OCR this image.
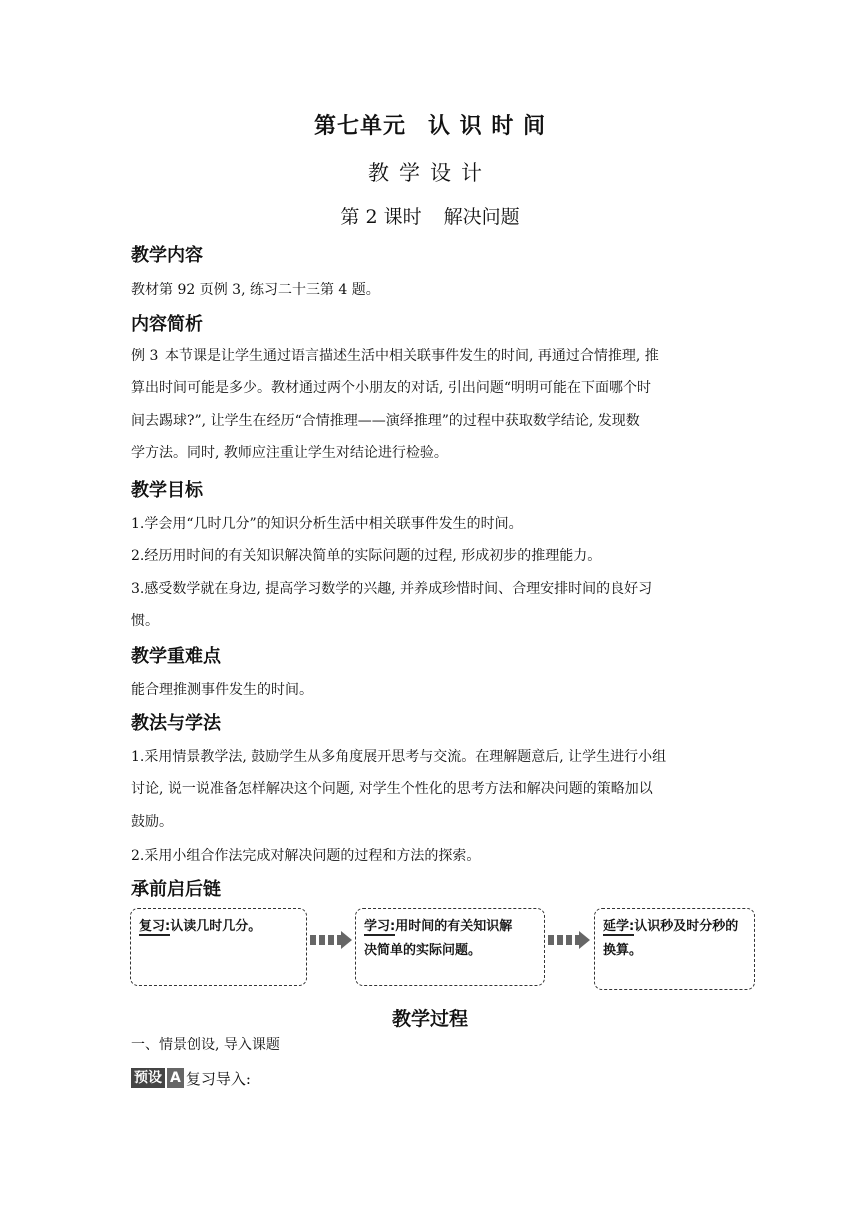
第七单元 认 识 时 间
教学设计
第 2 课时 解决问题
教学内容
教材第 92 页例 3, 练习二十三第 4 题。
内容简析
例 3 本节课是让学生通过语言描述生活中相关联事件发生的时间, 再通过合情推理, 推
算出时间可能是多少。教材通过两个小朋友的对话, 引出问题“明明可能在下面哪个时
间去踢球?”, 让学生在经历“合情推理——演绎推理”的过程中获取数学结论, 发现数
学方法。同时, 教师应注重让学生对结论进行检验。
教学目标
1.学会用“几时几分”的知识分析生活中相关联事件发生的时间。
2.经历用时间的有关知识解决简单的实际问题的过程, 形成初步的推理能力。
3.感受数学就在身边, 提高学习数学的兴趣, 并养成珍惜时间、合理安排时间的良好习
惯。
教学重难点
能合理推测事件发生的时间。
教法与学法
1.采用情景教学法, 鼓励学生从多角度展开思考与交流。在理解题意后, 让学生进行小组
讨论, 说一说准备怎样解决这个问题, 对学生个性化的思考方法和解决问题的策略加以
鼓励。
2.采用小组合作法完成对解决问题的过程和方法的探索。
承前启后链
复习:认读几时几分。	学习:用时间的有关知识解
决简单的实际问题。
延学:认识秒及时分秒的
换算。
教学过程
一、情景创设, 导入课题
预设 A 复习导入:
